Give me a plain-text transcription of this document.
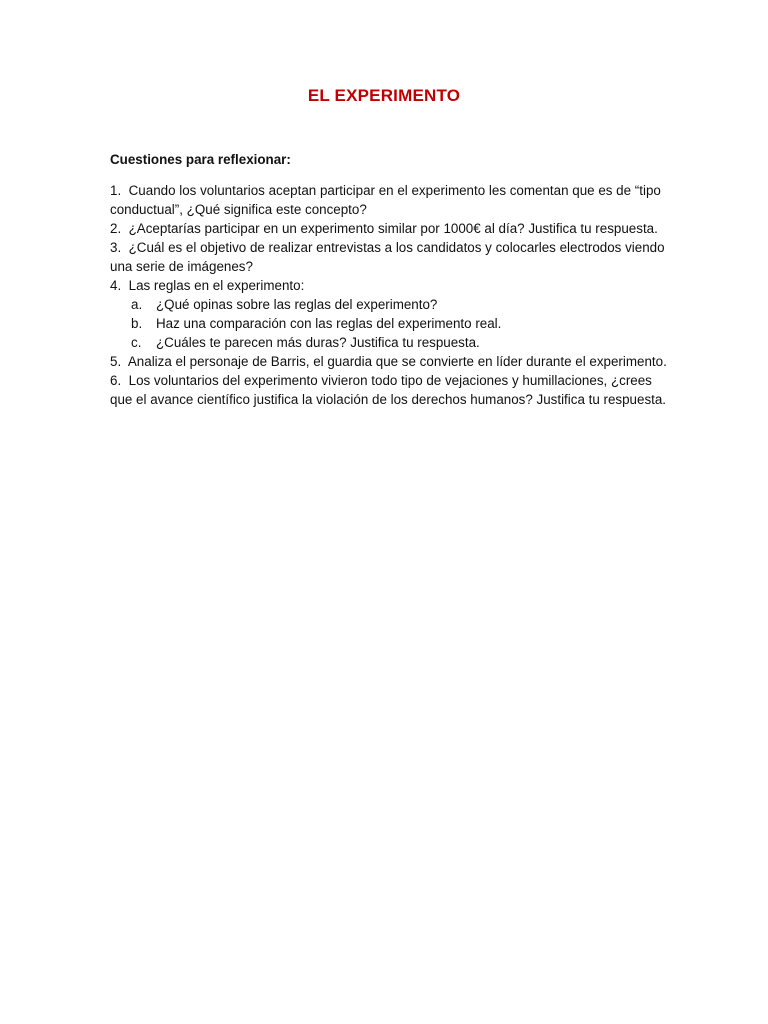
EL EXPERIMENTO

Cuestiones para reflexionar:

1. Cuando los voluntarios aceptan participar en el experimento les comentan que es de “tipo conductual”, ¿Qué significa este concepto?

2. ¿Aceptarías participar en un experimento similar por 1000€ al día? Justifica tu respuesta.

3. ¿Cuál es el objetivo de realizar entrevistas a los candidatos y colocarles electrodos viendo una serie de imágenes?

4. Las reglas en el experimento:

a. ¿Qué opinas sobre las reglas del experimento?
b. Haz una comparación con las reglas del experimento real.
c. ¿Cuáles te parecen más duras? Justifica tu respuesta.

5. Analiza el personaje de Barris, el guardia que se convierte en líder durante el experimento.

6. Los voluntarios del experimento vivieron todo tipo de vejaciones y humillaciones, ¿crees que el avance científico justifica la violación de los derechos humanos? Justifica tu respuesta.
